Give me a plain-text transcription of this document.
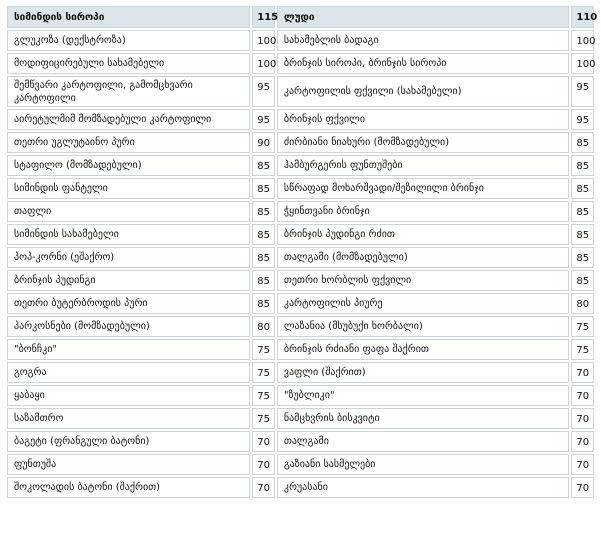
სიმინდის სიროპი	115	ლუდი	110
გლუკოზა (დექსტროზა)	100	სახამებლის ბადაგი	100
მოდიფიცირებული სახამებელი	100	ბრინჯის სიროპი, ბრინჯის სიროპი	100
შემწვარი კარტოფილი, გამომცხვარი კარტოფილი	95	კარტოფილის ფქვილი (სახამებელი)	95
აირეტულმიმ მომზადებული კარტოფილი	95	ბრინჯის ფქვილი	95
თეთრი უგლუტაინო პური	90	ძირბიანი ნიახური (მომზადებული)	85
სტაფილო (მომზადებული)	85	ჰამბურგერის ფუნთუშები	85
სიმინდის ფანტელი	85	სწრაფად მოხარშვადი/შეზილილი ბრინჯი	85
თაფლი	85	ჭყინთვანი ბრინჯი	85
სიმინდის სახამებელი	85	ბრინჯის პუდინგი რძით	85
პოპ-კორნი (ეშაქრო)	85	თალგამი (მომზადებული)	85
ბრინჯის პუდინგი	85	თეთრი ხორბლის ფქვილი	85
თეთრი ბუტერბროდის პური	85	კარტოფილის პიურე	80
პარკოსნები (მომზადებული)	80	ლაზანია (მსუბუქი ხორბალი)	75
"ბონჩკი"	75	ბრინჯის რძიანი ფაფა შაქრით	75
გოგრა	75	ვაფლი (შაქრით)	70
ყაბაყი	75	"ზუბლიკი"	70
საზამთრო	75	ნამცხვრის ბისკვიტი	70
ბაგეტი (ფრანგული ბატონი)	70	თალგამი	70
ფუნთუშა	70	გაზიანი სასმელები	70
შოკოლადის ბატონი (შაქრით)	70	კრუასანი	70
